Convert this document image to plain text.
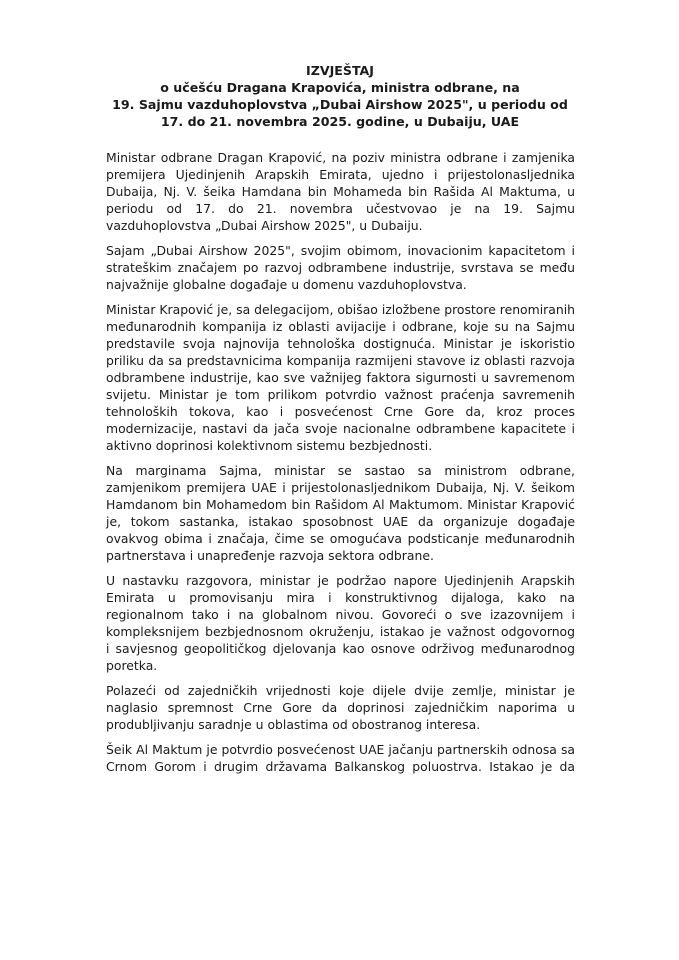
IZVJEŠTAJ
o učešću Dragana Krapovića, ministra odbrane, na
19. Sajmu vazduhoplovstva „Dubai Airshow 2025", u periodu od
17. do 21. novembra 2025. godine, u Dubaiju, UAE
Ministar odbrane Dragan Krapović, na poziv ministra odbrane i zamjenika
premijera Ujedinjenih Arapskih Emirata, ujedno i prijestolonasljednika
Dubaija, Nj. V. šeika Hamdana bin Mohameda bin Rašida Al Maktuma, u
periodu od 17. do 21. novembra učestvovao je na 19. Sajmu
vazduhoplovstva „Dubai Airshow 2025", u Dubaiju.
Sajam „Dubai Airshow 2025", svojim obimom, inovacionim kapacitetom i
strateškim značajem po razvoj odbrambene industrije, svrstava se među
najvažnije globalne događaje u domenu vazduhoplovstva.
Ministar Krapović je, sa delegacijom, obišao izložbene prostore renomiranih
međunarodnih kompanija iz oblasti avijacije i odbrane, koje su na Sajmu
predstavile svoja najnovija tehnološka dostignuća. Ministar je iskoristio
priliku da sa predstavnicima kompanija razmijeni stavove iz oblasti razvoja
odbrambene industrije, kao sve važnijeg faktora sigurnosti u savremenom
svijetu. Ministar je tom prilikom potvrdio važnost praćenja savremenih
tehnoloških tokova, kao i posvećenost Crne Gore da, kroz proces
modernizacije, nastavi da jača svoje nacionalne odbrambene kapacitete i
aktivno doprinosi kolektivnom sistemu bezbjednosti.
Na marginama Sajma, ministar se sastao sa ministrom odbrane,
zamjenikom premijera UAE i prijestolonasljednikom Dubaija, Nj. V. šeikom
Hamdanom bin Mohamedom bin Rašidom Al Maktumom. Ministar Krapović
je, tokom sastanka, istakao sposobnost UAE da organizuje događaje
ovakvog obima i značaja, čime se omogućava podsticanje međunarodnih
partnerstava i unapređenje razvoja sektora odbrane.
U nastavku razgovora, ministar je podržao napore Ujedinjenih Arapskih
Emirata u promovisanju mira i konstruktivnog dijaloga, kako na
regionalnom tako i na globalnom nivou. Govoreći o sve izazovnijem i
kompleksnijem bezbjednosnom okruženju, istakao je važnost odgovornog
i savjesnog geopolitičkog djelovanja kao osnove održivog međunarodnog
poretka.
Polazeći od zajedničkih vrijednosti koje dijele dvije zemlje, ministar je
naglasio spremnost Crne Gore da doprinosi zajedničkim naporima u
produbljivanju saradnje u oblastima od obostranog interesa.
Šeik Al Maktum je potvrdio posvećenost UAE jačanju partnerskih odnosa sa
Crnom Gorom i drugim državama Balkanskog poluostrva. Istakao je da
